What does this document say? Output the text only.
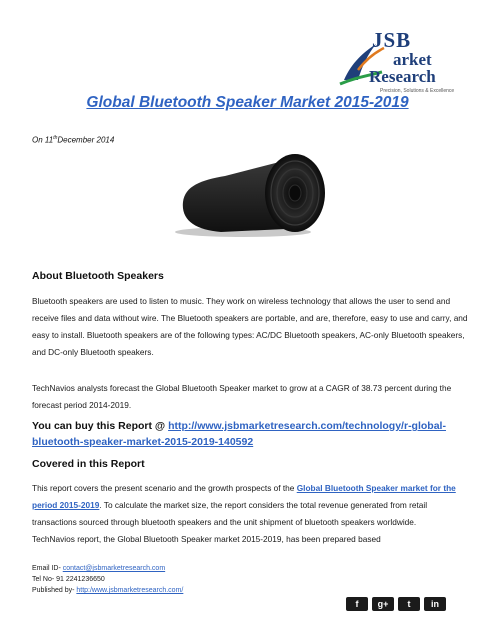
JSB
arket
Research
Precision, Solutions & Excellence
Global Bluetooth Speaker Market 2015-2019
On 11thDecember 2014
About Bluetooth Speakers

Bluetooth speakers are used to listen to music. They work on wireless technology that allows the user to send and receive files and data without wire. The Bluetooth speakers are portable, and are, therefore, easy to use and carry, and easy to install. Bluetooth speakers are of the following types: AC/DC Bluetooth speakers, AC-only Bluetooth speakers, and DC-only Bluetooth speakers.

TechNavios analysts forecast the Global Bluetooth Speaker market to grow at a CAGR of 38.73 percent during the forecast period 2014-2019.

You can buy this Report @ http://www.jsbmarketresearch.com/technology/r-global-bluetooth-speaker-market-2015-2019-140592

Covered in this Report

This report covers the present scenario and the growth prospects of the Global Bluetooth Speaker market for the period 2015-2019. To calculate the market size, the report considers the total revenue generated from retail transactions sourced through bluetooth speakers and the unit shipment of bluetooth speakers worldwide.
TechNavios report, the Global Bluetooth Speaker market 2015-2019, has been prepared based

Email ID- contact@jsbmarketresearch.com
Tel No- 91 2241236650
Published by- http:/www.jsbmarketresearch.com/
f	g+	t	in
